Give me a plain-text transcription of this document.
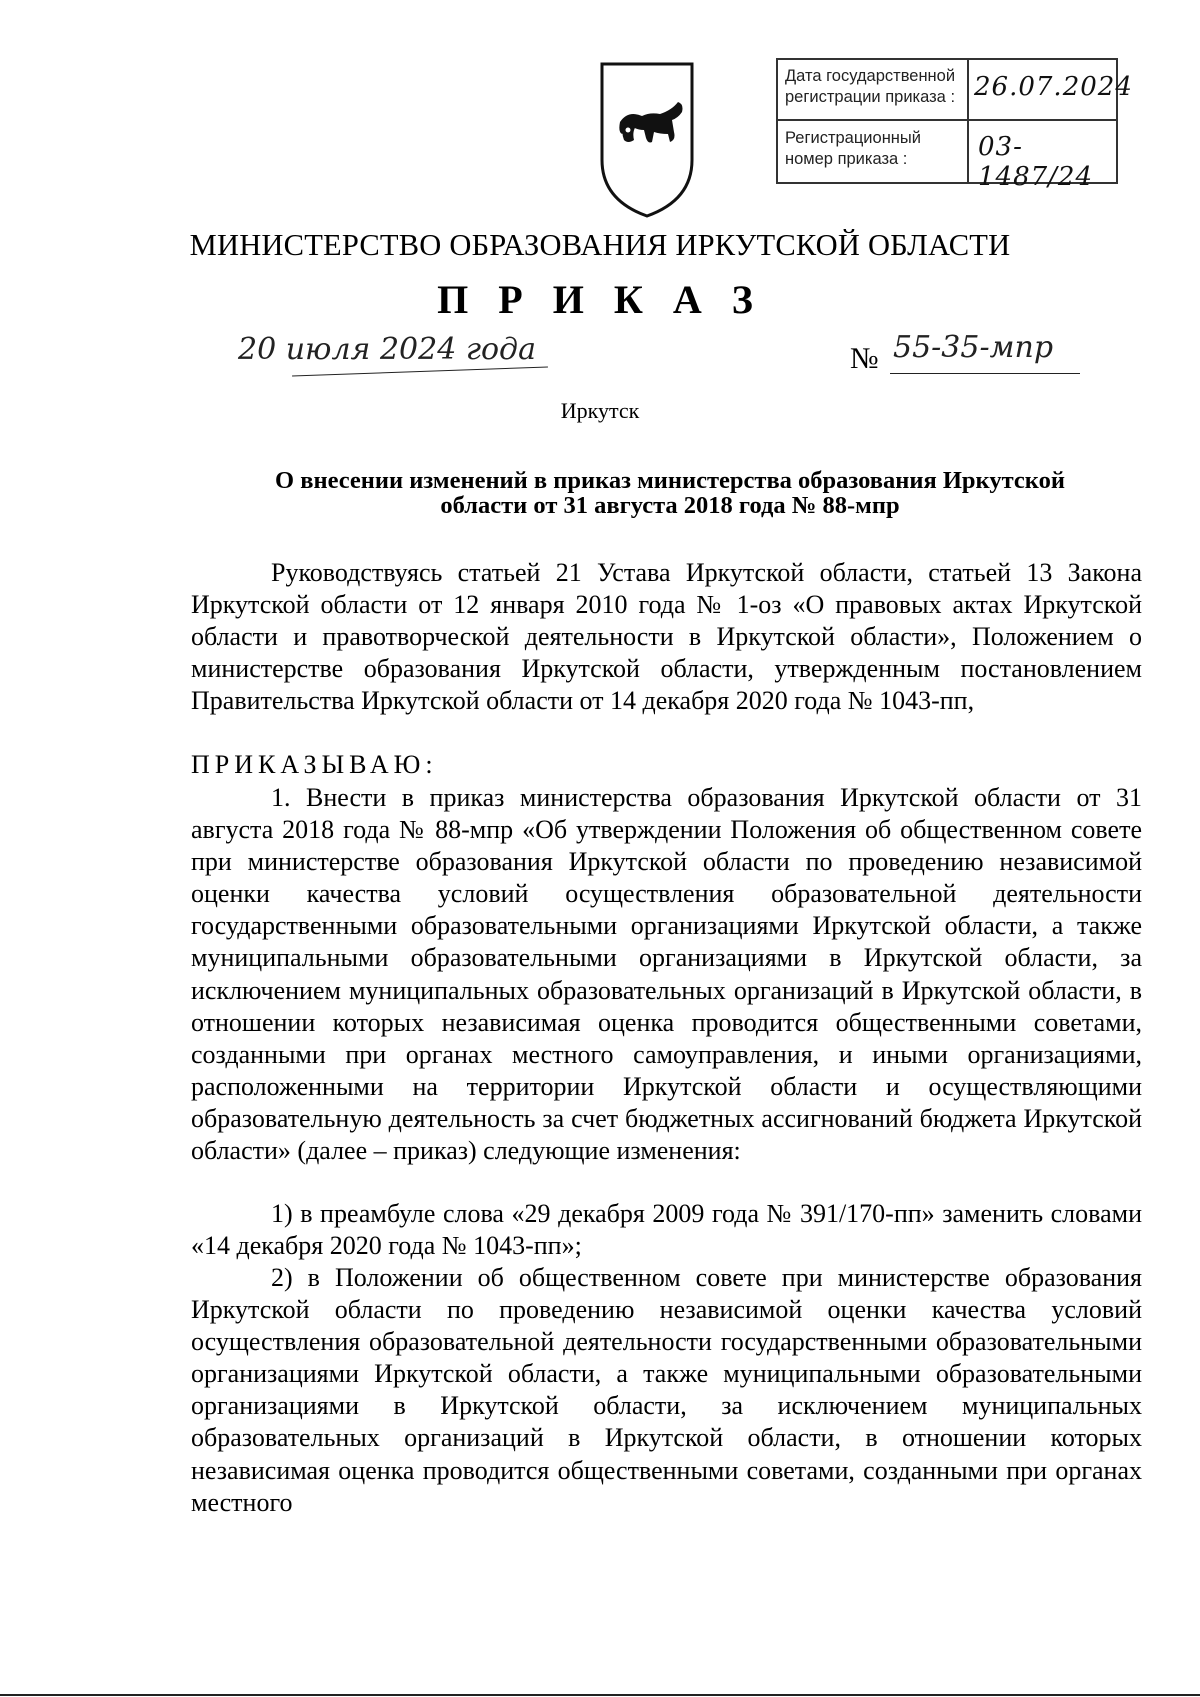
Дата государственной
регистрации приказа : 26.07.2024
Регистрационный
номер приказа :	03-1487/24
МИНИСТЕРСТВО ОБРАЗОВАНИЯ ИРКУТСКОЙ ОБЛАСТИ
П Р И К А З
20 июля 2024 года	№ 55-35-мпр
Иркутск
О внесении изменений в приказ министерства образования Иркутской
области от 31 августа 2018 года № 88-мпр
Руководствуясь статьей 21 Устава Иркутской области, статьей 13 Закона Иркутской области от 12 января 2010 года № 1-оз «О правовых актах Иркутской области и правотворческой деятельности в Иркутской области», Положением о министерстве образования Иркутской области, утвержденным постановлением Правительства Иркутской области от 14 декабря 2020 года № 1043-пп,
ПРИКАЗЫВАЮ:
1. Внести в приказ министерства образования Иркутской области от 31 августа 2018 года № 88-мпр «Об утверждении Положения об общественном совете при министерстве образования Иркутской области по проведению независимой оценки качества условий осуществления образовательной деятельности государственными образовательными организациями Иркутской области, а также муниципальными образовательными организациями в Иркутской области, за исключением муниципальных образовательных организаций в Иркутской области, в отношении которых независимая оценка проводится общественными советами, созданными при органах местного самоуправления, и иными организациями, расположенными на территории Иркутской области и осуществляющими образовательную деятельность за счет бюджетных ассигнований бюджета Иркутской области» (далее – приказ) следующие изменения:
1) в преамбуле слова «29 декабря 2009 года № 391/170-пп» заменить словами «14 декабря 2020 года № 1043-пп»;
2) в Положении об общественном совете при министерстве образования Иркутской области по проведению независимой оценки качества условий осуществления образовательной деятельности государственными образовательными организациями Иркутской области, а также муниципальными образовательными организациями в Иркутской области, за исключением муниципальных образовательных организаций в Иркутской области, в отношении которых независимая оценка проводится общественными советами, созданными при органах местного
